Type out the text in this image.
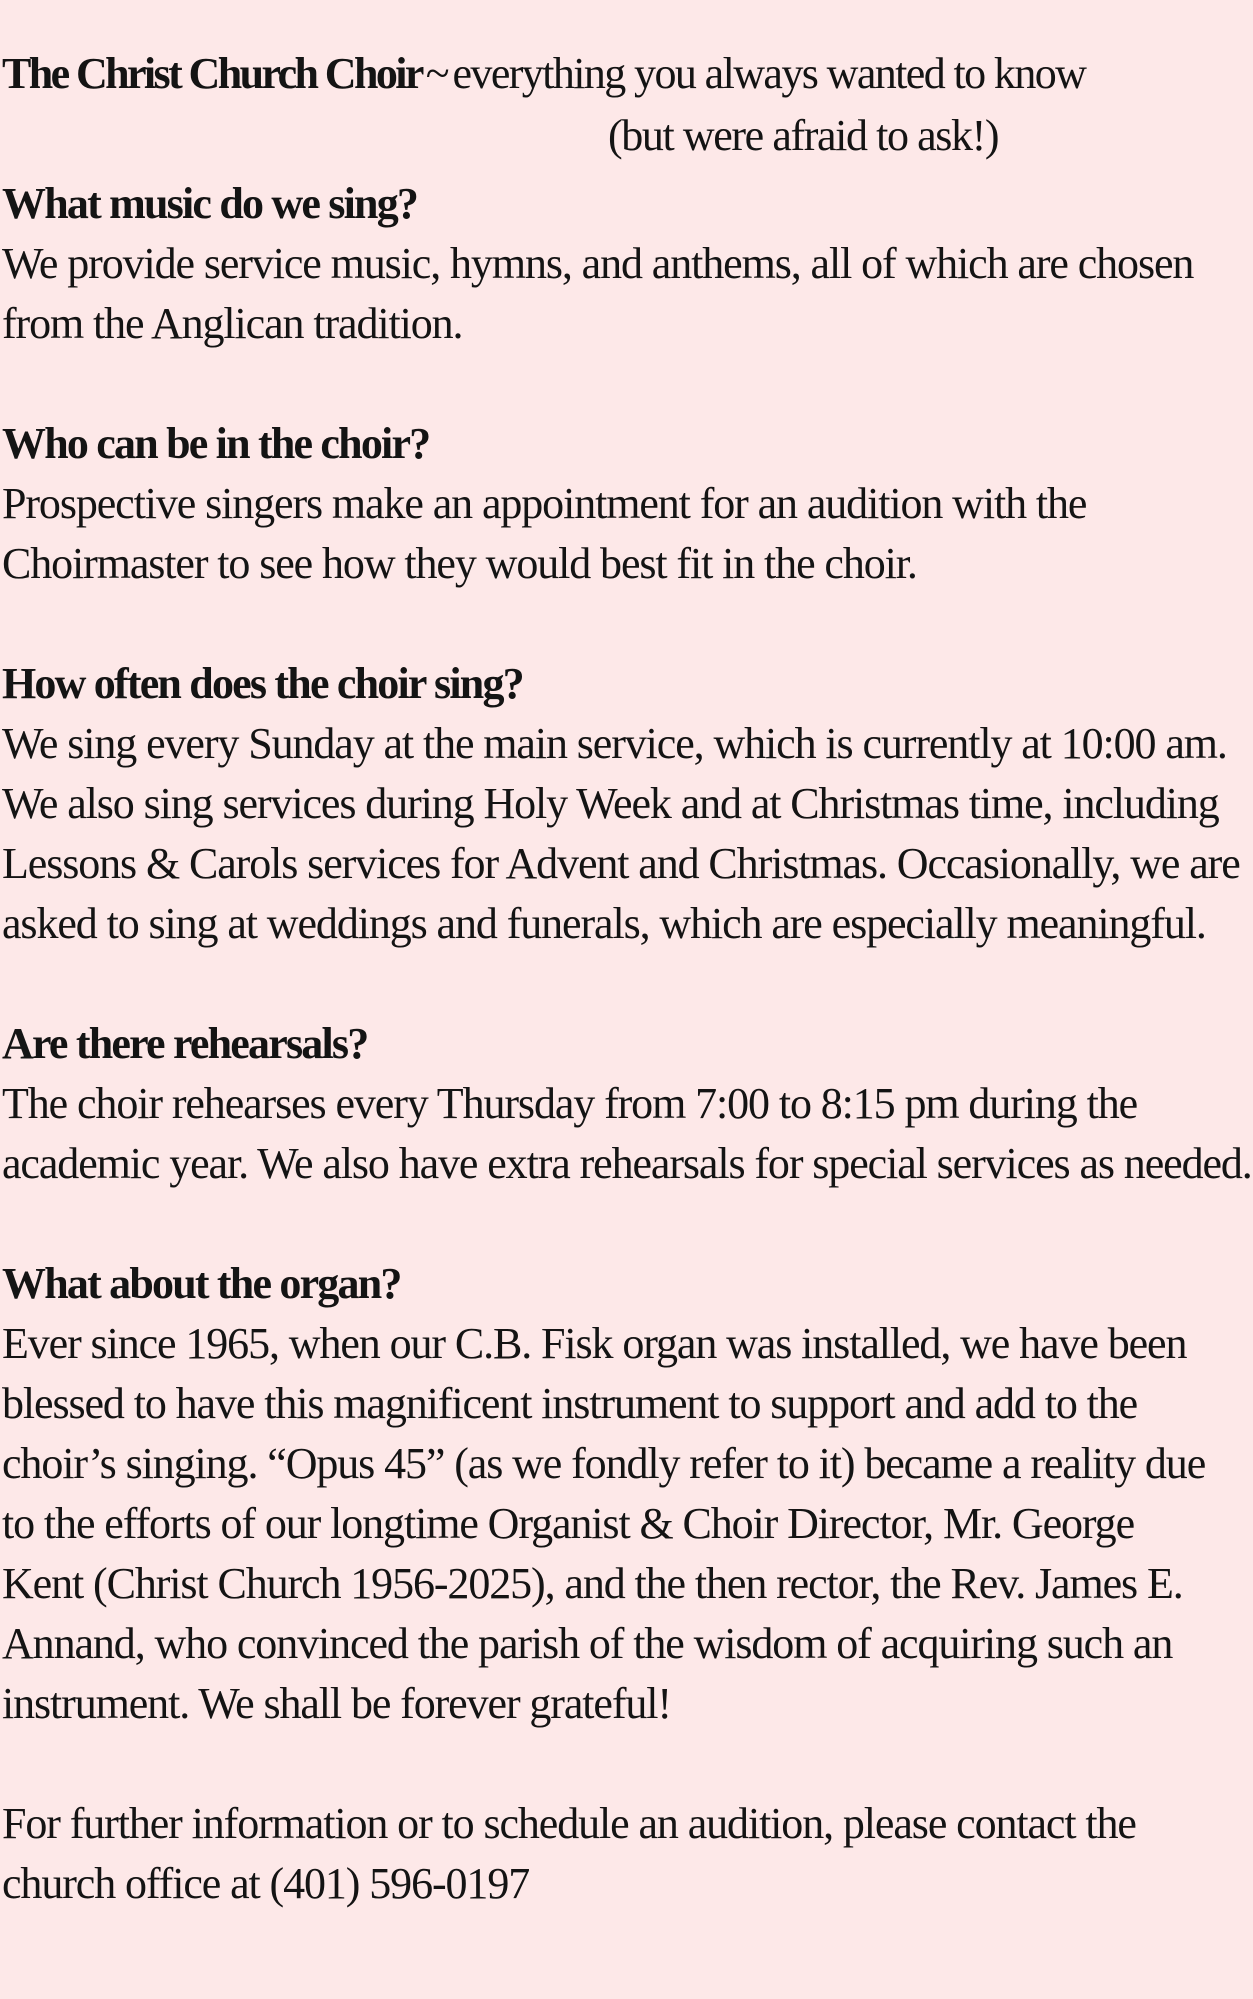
The Christ Church Choir~everything you always wanted to know

(but were afraid to ask!)

What music do we sing?

We provide service music, hymns, and anthems, all of which are chosen
from the Anglican tradition.

Who can be in the choir?

Prospective singers make an appointment for an audition with the
Choirmaster to see how they would best fit in the choir.

How often does the choir sing?

We sing every Sunday at the main service, which is currently at 10:00 am.
We also sing services during Holy Week and at Christmas time, including
Lessons & Carols services for Advent and Christmas. Occasionally, we are
asked to sing at weddings and funerals, which are especially meaningful.

Are there rehearsals?

The choir rehearses every Thursday from 7:00 to 8:15 pm during the
academic year. We also have extra rehearsals for special services as needed.

What about the organ?

Ever since 1965, when our C.B. Fisk organ was installed, we have been
blessed to have this magnificent instrument to support and add to the
choir’s singing. “Opus 45” (as we fondly refer to it) became a reality due
to the efforts of our longtime Organist & Choir Director, Mr. George
Kent (Christ Church 1956-2025), and the then rector, the Rev. James E.
Annand, who convinced the parish of the wisdom of acquiring such an
instrument. We shall be forever grateful!

For further information or to schedule an audition, please contact the
church office at (401) 596-0197
